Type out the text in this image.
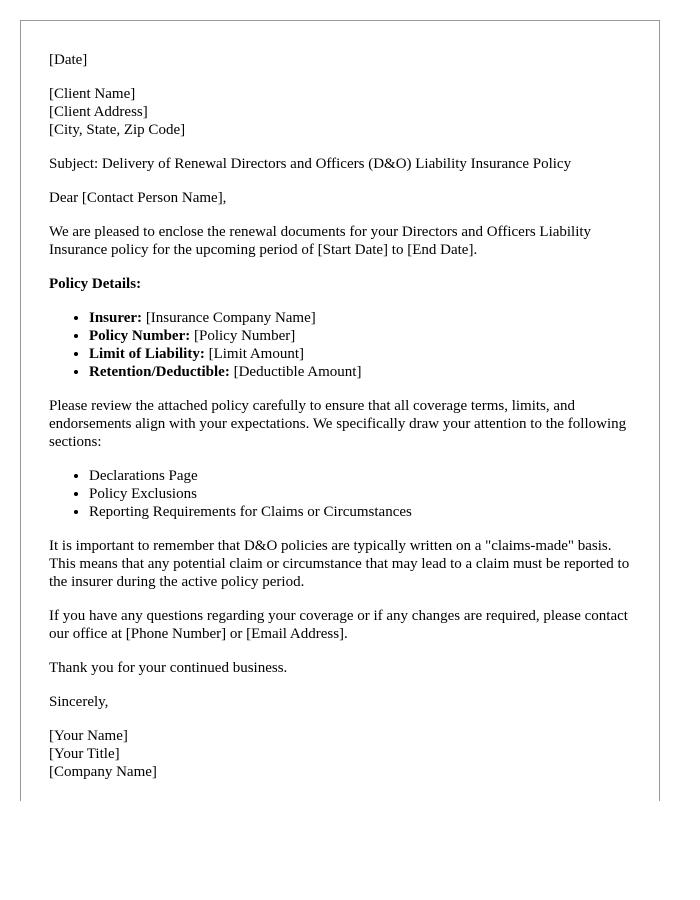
[Date]

[Client Name]
[Client Address]
[City, State, Zip Code]

Subject: Delivery of Renewal Directors and Officers (D&O) Liability Insurance Policy

Dear [Contact Person Name],

We are pleased to enclose the renewal documents for your Directors and Officers Liability Insurance policy for the upcoming period of [Start Date] to [End Date].

Policy Details:

• Insurer: [Insurance Company Name]
• Policy Number: [Policy Number]
• Limit of Liability: [Limit Amount]
• Retention/Deductible: [Deductible Amount]

Please review the attached policy carefully to ensure that all coverage terms, limits, and endorsements align with your expectations. We specifically draw your attention to the following sections:

• Declarations Page
• Policy Exclusions
• Reporting Requirements for Claims or Circumstances

It is important to remember that D&O policies are typically written on a "claims-made" basis. This means that any potential claim or circumstance that may lead to a claim must be reported to the insurer during the active policy period.

If you have any questions regarding your coverage or if any changes are required, please contact our office at [Phone Number] or [Email Address].

Thank you for your continued business.

Sincerely,

[Your Name]
[Your Title]
[Company Name]
